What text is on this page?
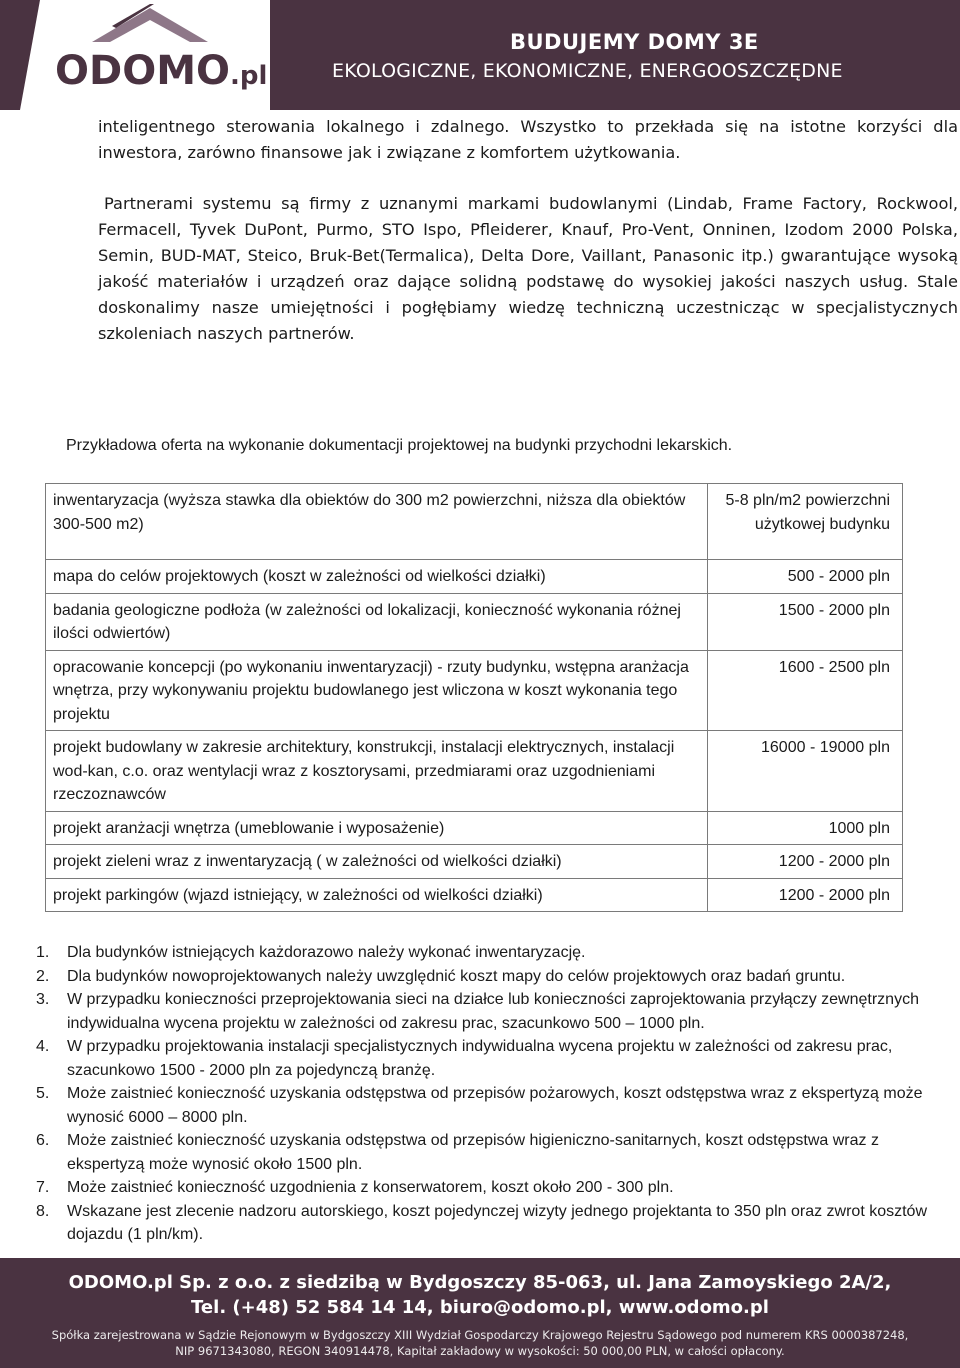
ODOMO.pl
BUDUJEMY DOMY 3E
EKOLOGICZNE, EKONOMICZNE, ENERGOOSZCZĘDNE
inteligentnego sterowania lokalnego i zdalnego. Wszystko to przekłada się na istotne korzyści dla inwestora, zarówno finansowe jak i związane z komfortem użytkowania.
Partnerami systemu są firmy z uznanymi markami budowlanymi (Lindab, Frame Factory, Rockwool, Fermacell, Tyvek DuPont, Purmo, STO Ispo, Pfleiderer, Knauf, Pro-Vent, Onninen, Izodom 2000 Polska, Semin, BUD-MAT, Steico, Bruk-Bet(Termalica), Delta Dore, Vaillant, Panasonic itp.) gwarantujące wysoką jakość materiałów i urządzeń oraz dające solidną podstawę do wysokiej jakości naszych usług. Stale doskonalimy nasze umiejętności i pogłębiamy wiedzę techniczną uczestnicząc w specjalistycznych szkoleniach naszych partnerów.
Przykładowa oferta na wykonanie dokumentacji projektowej na budynki przychodni lekarskich.
inwentaryzacja (wyższa stawka dla obiektów do 300 m2 powierzchni, niższa dla obiektów 300-500 m2)	5-8 pln/m2 powierzchni użytkowej budynku
mapa do celów projektowych (koszt w zależności od wielkości działki)	500 - 2000 pln
badania geologiczne podłoża (w zależności od lokalizacji, konieczność wykonania różnej ilości odwiertów)	1500 - 2000 pln
opracowanie koncepcji (po wykonaniu inwentaryzacji) - rzuty budynku, wstępna aranżacja wnętrza, przy wykonywaniu projektu budowlanego jest wliczona w koszt wykonania tego projektu	1600 - 2500 pln
projekt budowlany w zakresie architektury, konstrukcji, instalacji elektrycznych, instalacji wod-kan, c.o. oraz wentylacji wraz z kosztorysami, przedmiarami oraz uzgodnieniami rzeczoznawców	16000 - 19000 pln
projekt aranżacji wnętrza (umeblowanie i wyposażenie)	1000 pln
projekt zieleni wraz z inwentaryzacją ( w zależności od wielkości działki)	1200 - 2000 pln
projekt parkingów (wjazd istniejący, w zależności od wielkości działki)	1200 - 2000 pln
1. Dla budynków istniejących każdorazowo należy wykonać inwentaryzację.
2. Dla budynków nowoprojektowanych należy uwzględnić koszt mapy do celów projektowych oraz badań gruntu.
3. W przypadku konieczności przeprojektowania sieci na działce lub konieczności zaprojektowania przyłączy zewnętrznych indywidualna wycena projektu w zależności od zakresu prac, szacunkowo 500 – 1000 pln.
4. W przypadku projektowania instalacji specjalistycznych indywidualna wycena projektu w zależności od zakresu prac, szacunkowo 1500 - 2000 pln za pojedynczą branżę.
5. Może zaistnieć konieczność uzyskania odstępstwa od przepisów pożarowych, koszt odstępstwa wraz z ekspertyzą może wynosić 6000 – 8000 pln.
6. Może zaistnieć konieczność uzyskania odstępstwa od przepisów higieniczno-sanitarnych, koszt odstępstwa wraz z ekspertyzą może wynosić około 1500 pln.
7. Może zaistnieć konieczność uzgodnienia z konserwatorem, koszt około 200 - 300 pln.
8. Wskazane jest zlecenie nadzoru autorskiego, koszt pojedynczej wizyty jednego projektanta to 350 pln oraz zwrot kosztów dojazdu (1 pln/km).
ODOMO.pl Sp. z o.o. z siedzibą w Bydgoszczy 85-063, ul. Jana Zamoyskiego 2A/2,
Tel. (+48) 52 584 14 14, biuro@odomo.pl, www.odomo.pl
Spółka zarejestrowana w Sądzie Rejonowym w Bydgoszczy XIII Wydział Gospodarczy Krajowego Rejestru Sądowego pod numerem KRS 0000387248,
NIP 9671343080, REGON 340914478, Kapitał zakładowy w wysokości: 50 000,00 PLN, w całości opłacony.
